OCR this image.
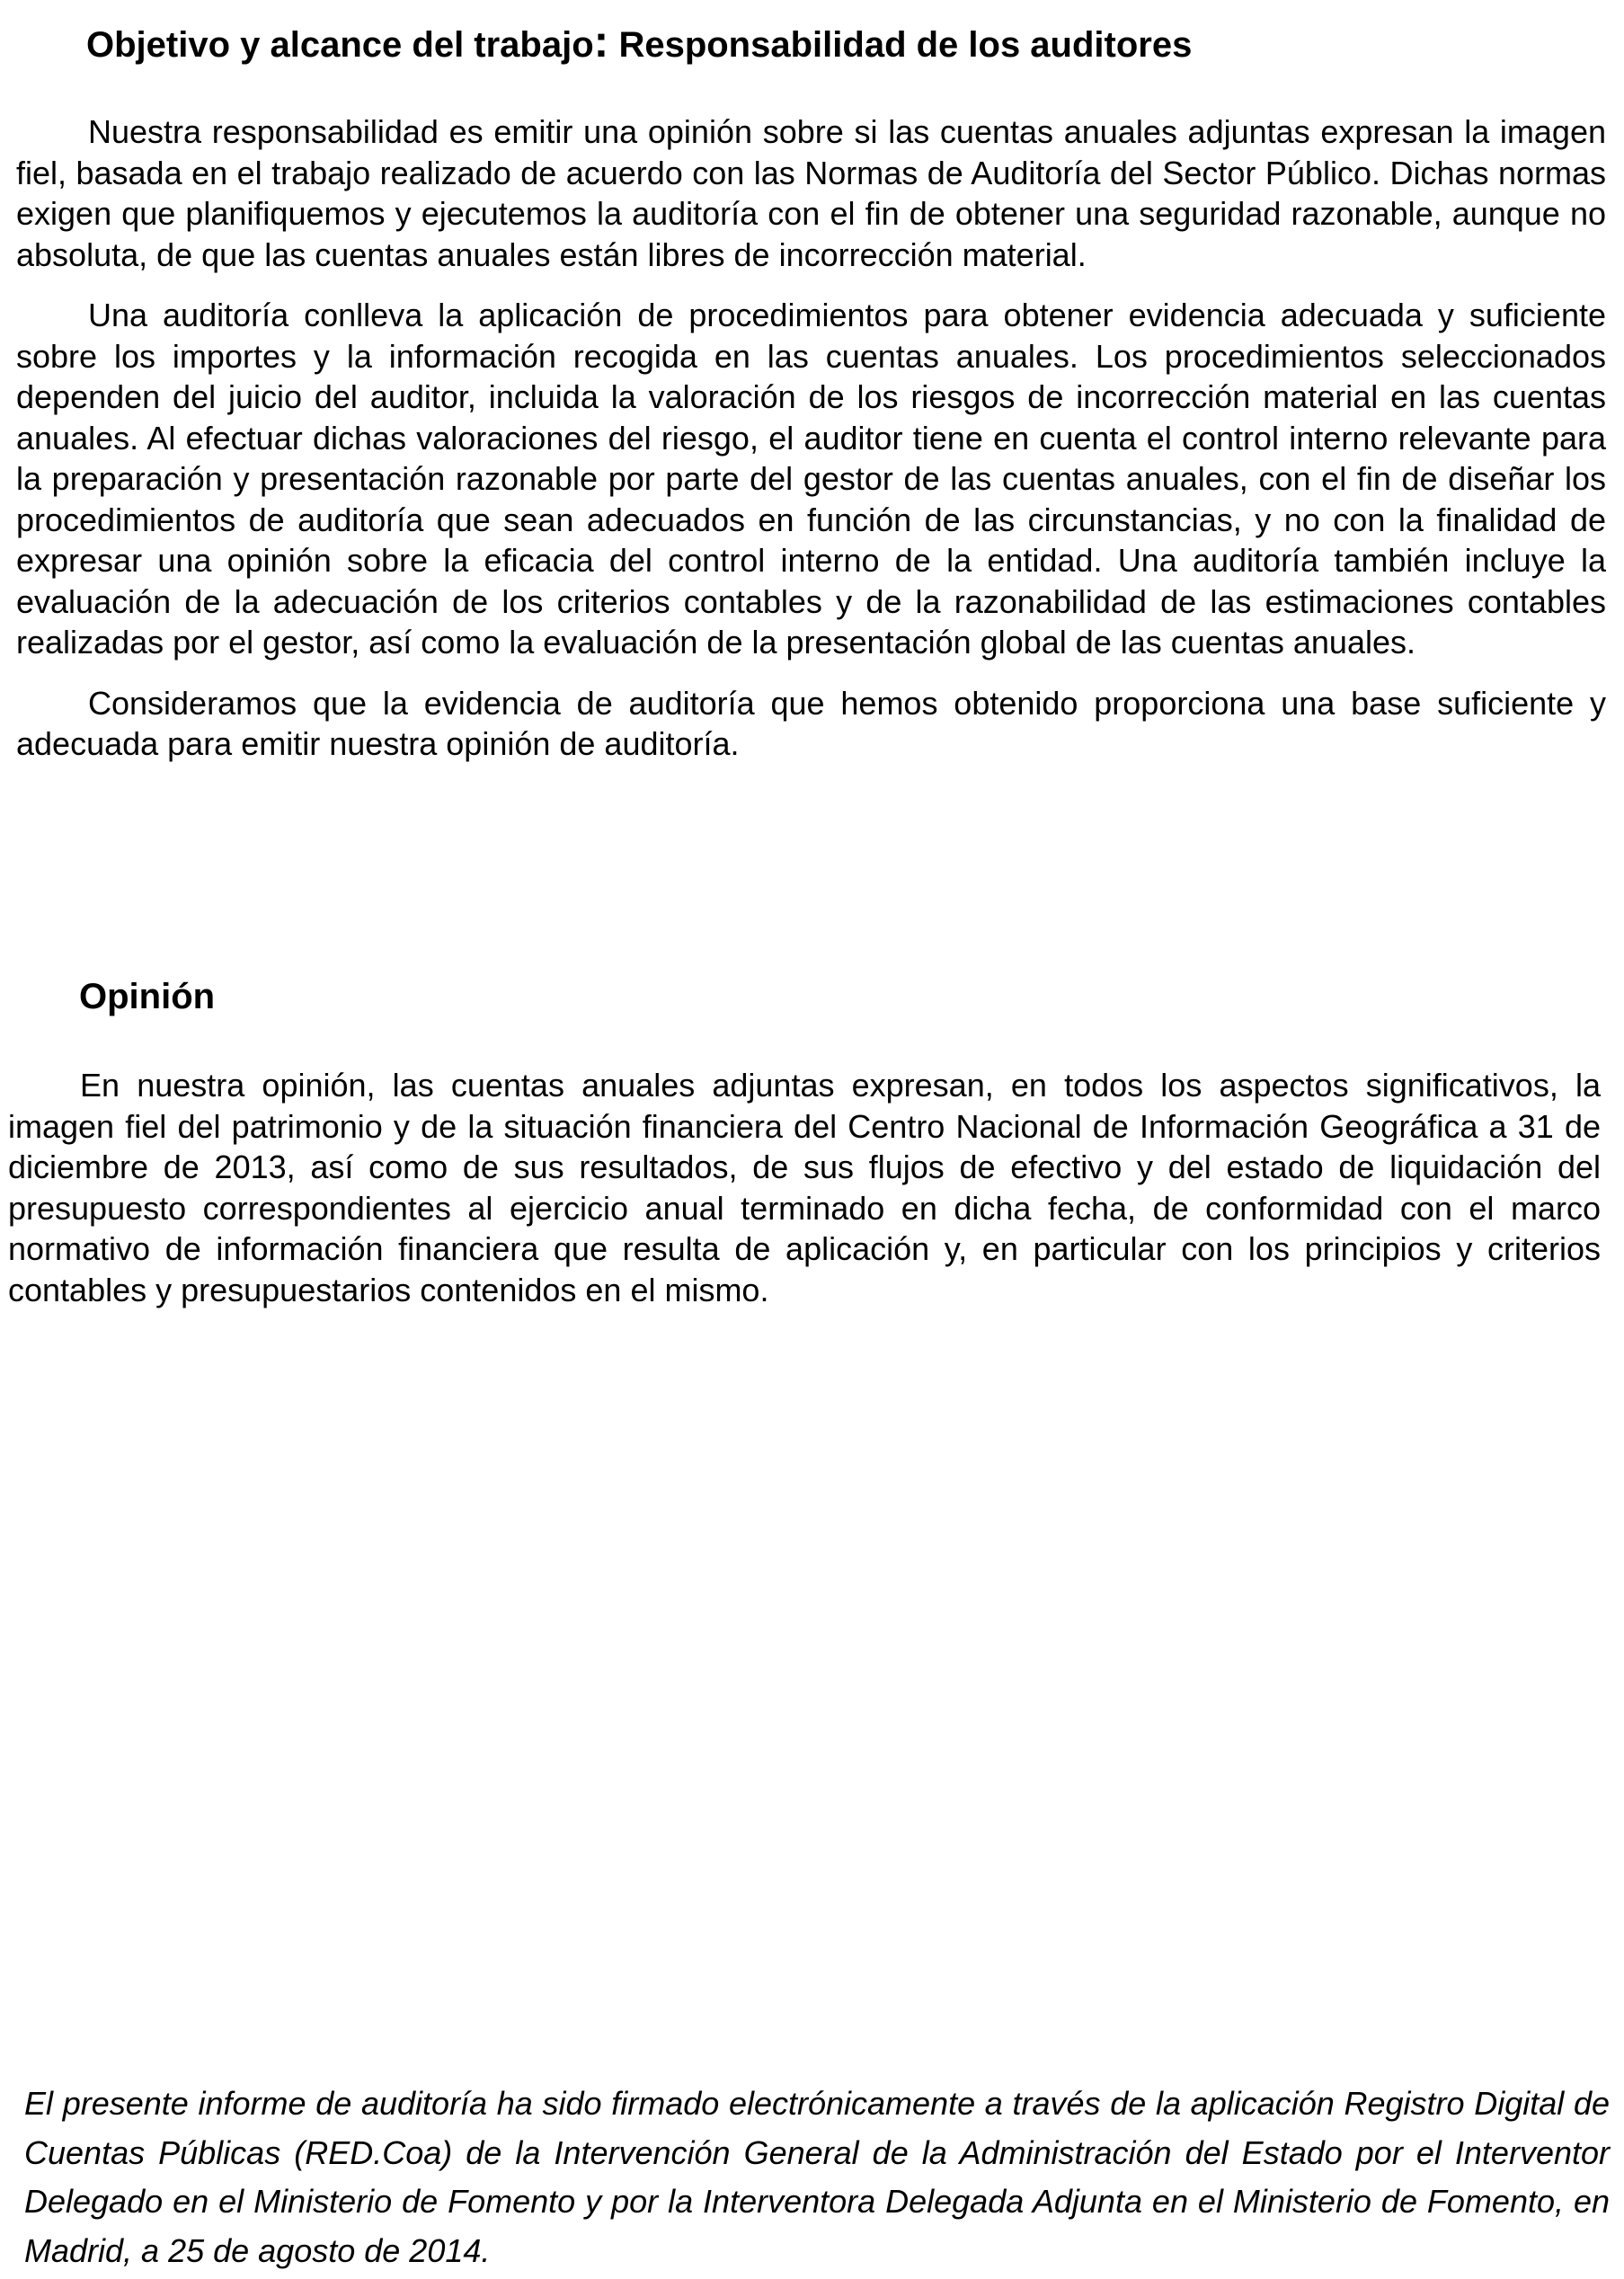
Objetivo y alcance del trabajo: Responsabilidad de los auditores

Nuestra responsabilidad es emitir una opinión sobre si las cuentas anuales adjuntas expresan la imagen fiel, basada en el trabajo realizado de acuerdo con las Normas de Auditoría del Sector Público. Dichas normas exigen que planifiquemos y ejecutemos la auditoría con el fin de obtener una seguridad razonable, aunque no absoluta, de que las cuentas anuales están libres de incorrección material.

Una auditoría conlleva la aplicación de procedimientos para obtener evidencia adecuada y suficiente sobre los importes y la información recogida en las cuentas anuales. Los procedimientos seleccionados dependen del juicio del auditor, incluida la valoración de los riesgos de incorrección material en las cuentas anuales. Al efectuar dichas valoraciones del riesgo, el auditor tiene en cuenta el control interno relevante para la preparación y presentación razonable por parte del gestor de las cuentas anuales, con el fin de diseñar los procedimientos de auditoría que sean adecuados en función de las circunstancias, y no con la finalidad de expresar una opinión sobre la eficacia del control interno de la entidad. Una auditoría también incluye la evaluación de la adecuación de los criterios contables y de la razonabilidad de las estimaciones contables realizadas por el gestor, así como la evaluación de la presentación global de las cuentas anuales.

Consideramos que la evidencia de auditoría que hemos obtenido proporciona una base suficiente y adecuada para emitir nuestra opinión de auditoría.

Opinión

En nuestra opinión, las cuentas anuales adjuntas expresan, en todos los aspectos significativos, la imagen fiel del patrimonio y de la situación financiera del Centro Nacional de Información Geográfica a 31 de diciembre de 2013, así como de sus resultados, de sus flujos de efectivo y del estado de liquidación del presupuesto correspondientes al ejercicio anual terminado en dicha fecha, de conformidad con el marco normativo de información financiera que resulta de aplicación y, en particular con los principios y criterios contables y presupuestarios contenidos en el mismo.

El presente informe de auditoría ha sido firmado electrónicamente a través de la aplicación Registro Digital de Cuentas Públicas (RED.Coa) de la Intervención General de la Administración del Estado por el Interventor Delegado en el Ministerio de Fomento y por la Interventora Delegada Adjunta en el Ministerio de Fomento, en Madrid, a 25 de agosto de 2014.
